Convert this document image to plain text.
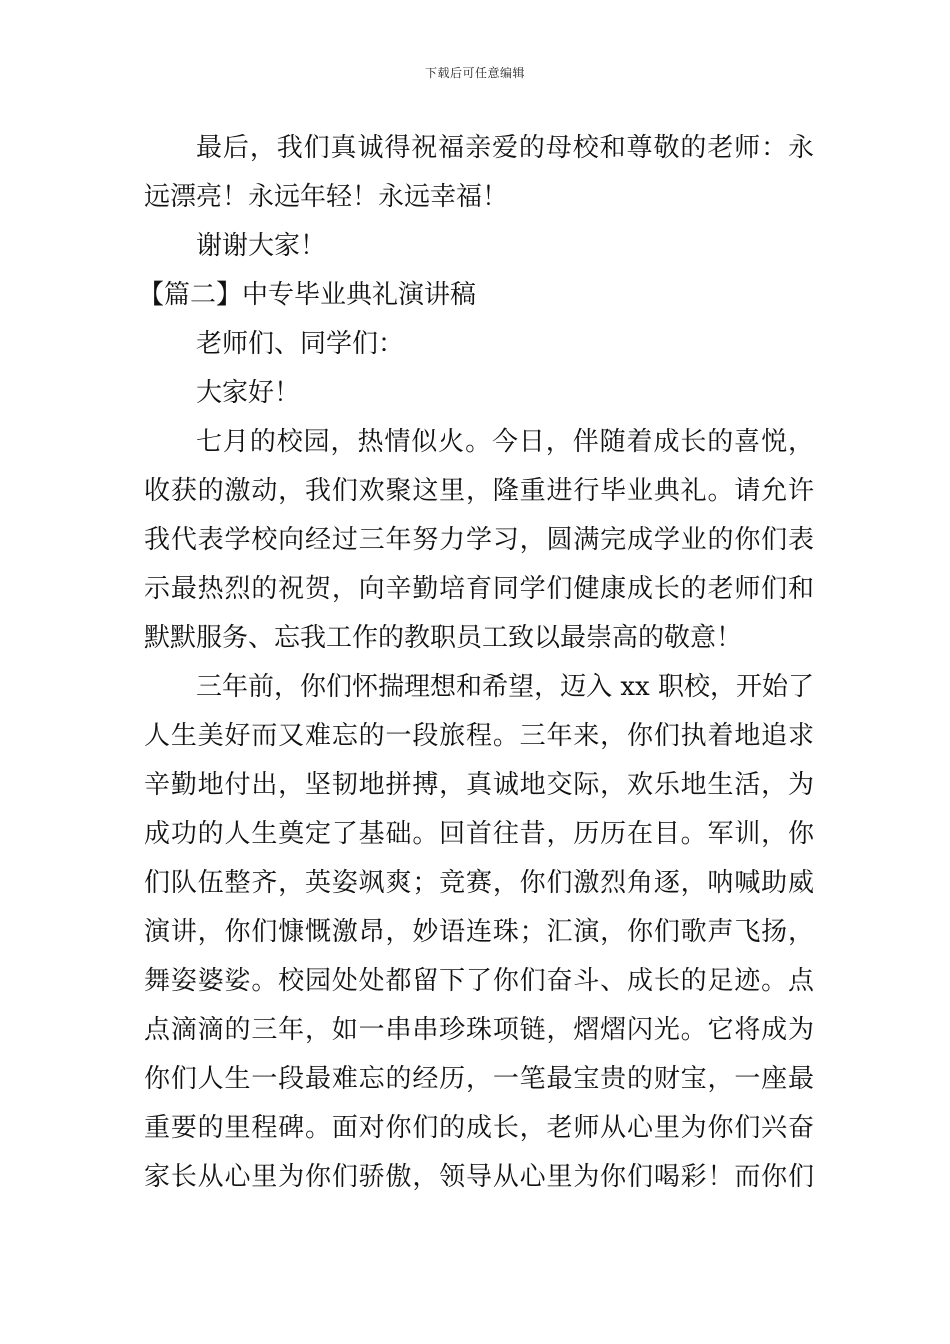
下载后可任意编辑
最后，我们真诚得祝福亲爱的母校和尊敬的老师：永
远漂亮！永远年轻！永远幸福！
谢谢大家！
【篇二】中专毕业典礼演讲稿
老师们、同学们：
大家好！
七月的校园，热情似火。今日，伴随着成长的喜悦，
收获的激动，我们欢聚这里，隆重进行毕业典礼。请允许
我代表学校向经过三年努力学习，圆满完成学业的你们表
示最热烈的祝贺，向辛勤培育同学们健康成长的老师们和
默默服务、忘我工作的教职员工致以最崇高的敬意！
三年前，你们怀揣理想和希望，迈入 xx 职校，开始了
人生美好而又难忘的一段旅程。三年来，你们执着地追求
辛勤地付出，坚韧地拼搏，真诚地交际，欢乐地生活，为
成功的人生奠定了基础。回首往昔，历历在目。军训，你
们队伍整齐，英姿飒爽；竞赛，你们激烈角逐，呐喊助威
演讲，你们慷慨激昂，妙语连珠；汇演，你们歌声飞扬，
舞姿婆娑。校园处处都留下了你们奋斗、成长的足迹。点
点滴滴的三年，如一串串珍珠项链，熠熠闪光。它将成为
你们人生一段最难忘的经历，一笔最宝贵的财宝，一座最
重要的里程碑。面对你们的成长，老师从心里为你们兴奋
家长从心里为你们骄傲，领导从心里为你们喝彩！而你们
